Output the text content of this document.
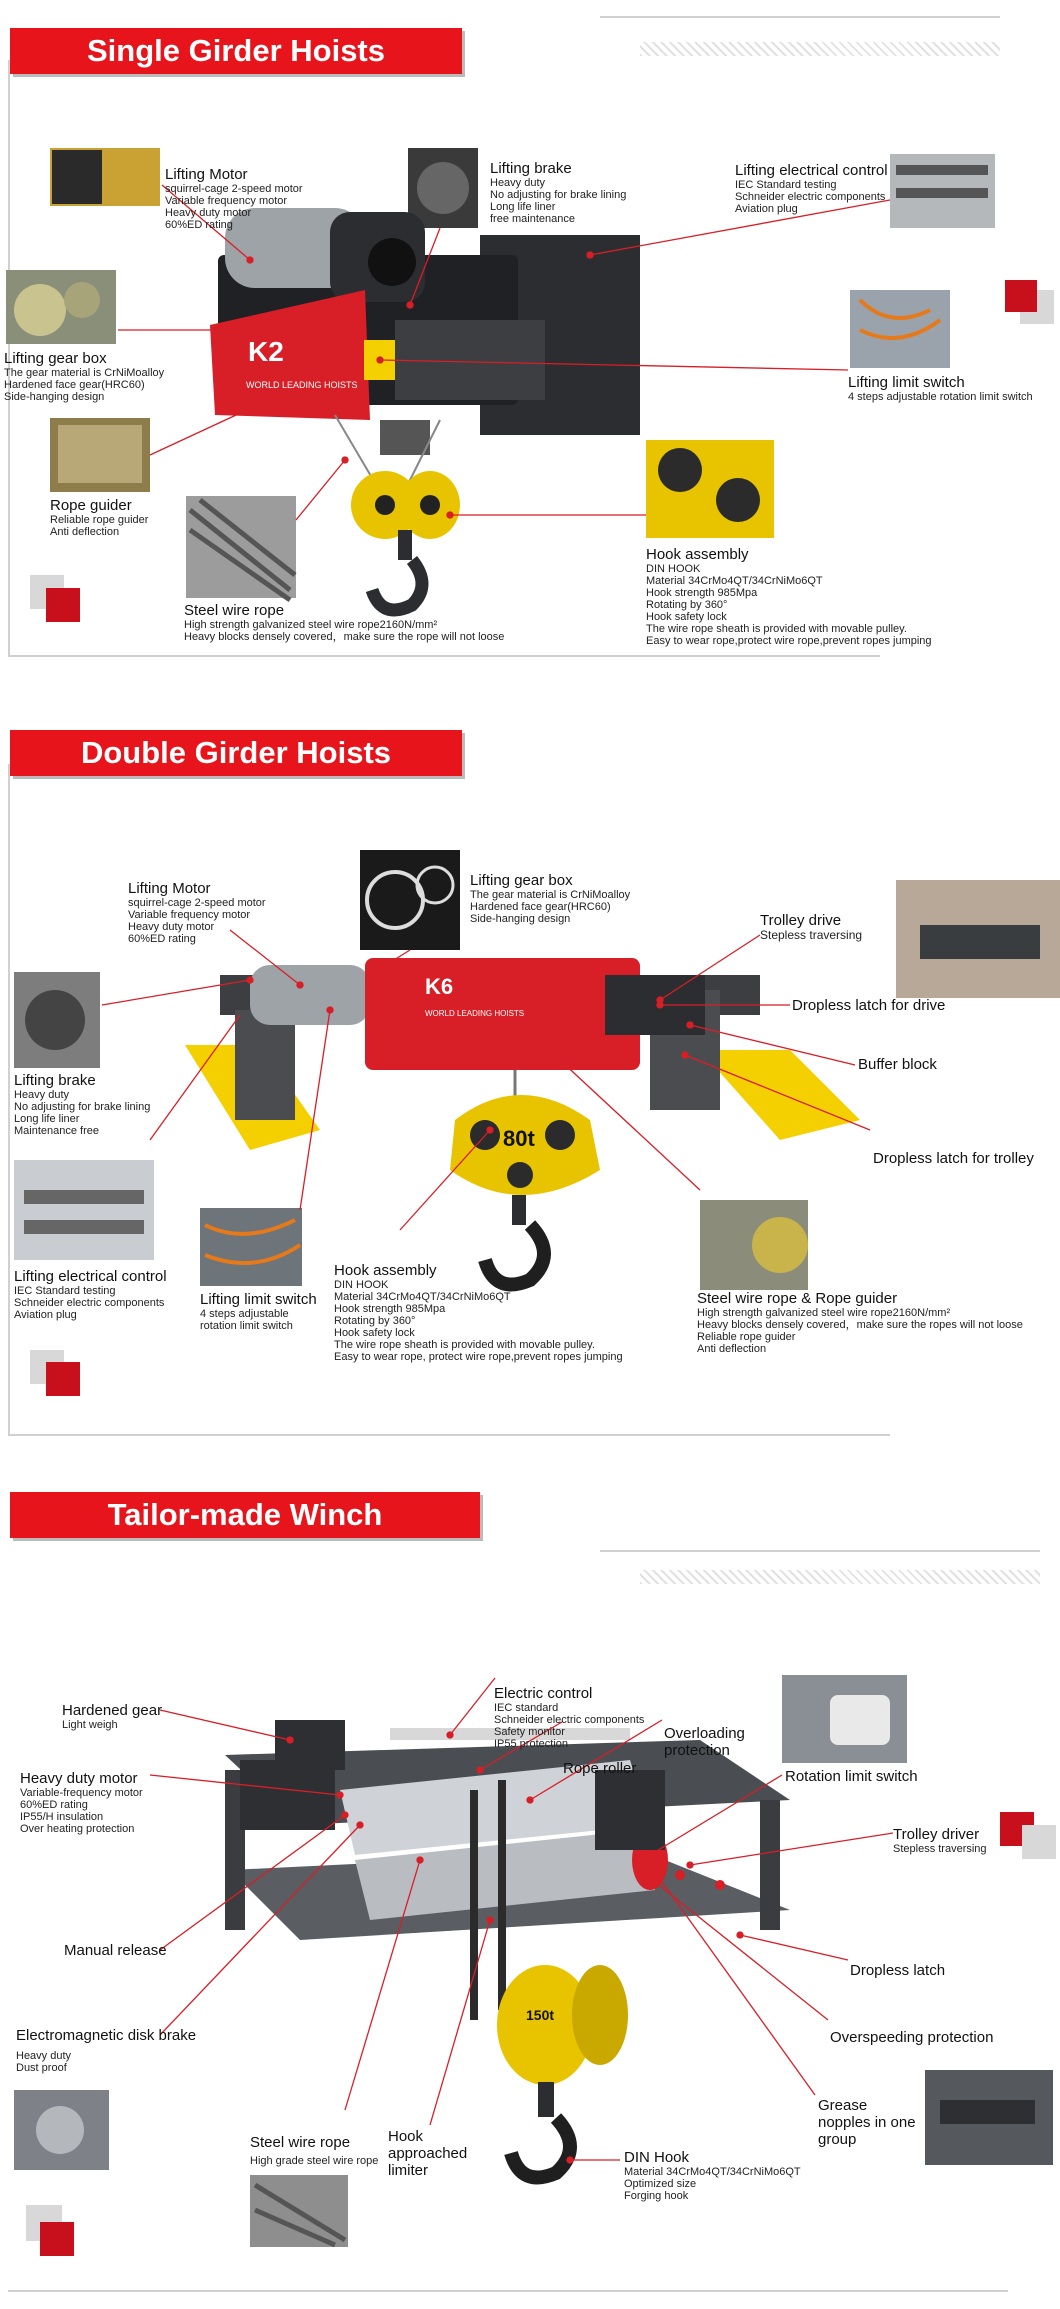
Single Girder Hoists
K2
WORLD LEADING HOISTS
Lifting Motor
squirrel-cage 2-speed motor
Variable frequency motor
Heavy duty motor
60%ED rating
Lifting brake
Heavy duty
No adjusting for brake lining
Long life liner
free maintenance
Lifting electrical control
IEC Standard testing
Schneider electric components
Aviation plug
Lifting gear box
The gear material is CrNiMoalloy
Hardened face gear(HRC60)
Side-hanging design
Lifting limit switch
4 steps adjustable rotation limit switch
Rope guider
Reliable rope guider
Anti deflection
Hook assembly
DIN HOOK
Material 34CrMo4QT/34CrNiMo6QT
Hook strength 985Mpa
Rotating by 360°
Hook safety lock
The wire rope sheath is provided with movable pulley.
Easy to wear rope,protect wire rope,prevent ropes jumping
Steel wire rope
High strength galvanized steel wire rope2160N/mm²
Heavy blocks densely covered，make sure the rope will not loose
Double Girder Hoists
K6
WORLD LEADING HOISTS
80t
Lifting Motor
squirrel-cage 2-speed motor
Variable frequency motor
Heavy duty motor
60%ED rating
Lifting gear box
The gear material is CrNiMoalloy
Hardened face gear(HRC60)
Side-hanging design	Trolley drive
Stepless traversing
Dropless latch for drive
Buffer block
Dropless latch for trolley
Lifting brake
Heavy duty
No adjusting for brake lining
Long life liner
Maintenance free
Lifting electrical control
IEC Standard testing
Schneider electric components
Aviation plug
Lifting limit switch
4 steps adjustable
rotation limit switch
Hook assembly
DIN HOOK
Material 34CrMo4QT/34CrNiMo6QT
Hook strength 985Mpa
Rotating by 360°
Hook safety lock
The wire rope sheath is provided with movable pulley.
Easy to wear rope, protect wire rope,prevent ropes jumping
Steel wire rope & Rope guider
High strength galvanized steel wire rope2160N/mm²
Heavy blocks densely covered，make sure the ropes will not loose
Reliable rope guider
Anti deflection
Tailor-made Winch
150t
Hardened gear
Light weigh
Electric control
IEC standard
Schneider electric components
Safety monitor
IP55 protection
Overloading protection
Rope roller
Heavy duty motor
Variable-frequency motor
60%ED rating
IP55/H insulation
Over heating protection
Rotation limit switch
Trolley driver
Stepless traversing
Manual release
Dropless latch
Electromagnetic disk brake
Heavy duty
Dust proof
Overspeeding protection
Steel wire rope
High grade steel wire rope
Grease nopples in one group
Hook approached limiter
DIN Hook
Material 34CrMo4QT/34CrNiMo6QT
Optimized size
Forging hook
